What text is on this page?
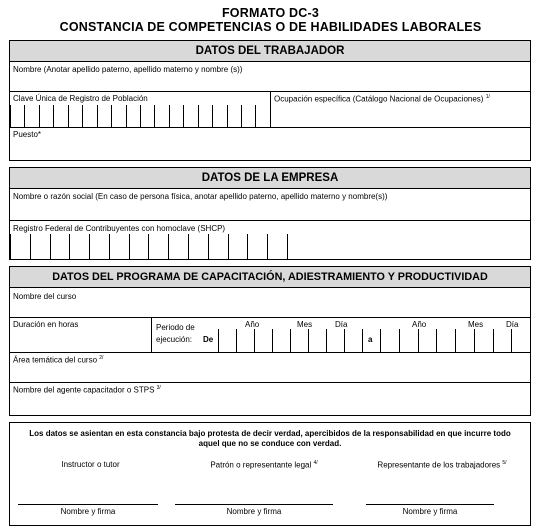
FORMATO DC-3
CONSTANCIA DE COMPETENCIAS O DE HABILIDADES LABORALES
DATOS DEL TRABAJADOR
Nombre (Anotar apellido paterno, apellido materno y nombre (s))
Clave Única de Registro de Población	Ocupación específica (Catálogo Nacional de Ocupaciones) $^{1/}$
Puesto*
DATOS DE LA EMPRESA
Nombre o razón social (En caso de persona física, anotar apellido paterno, apellido materno y nombre(s))
Registro Federal de Contribuyentes con homoclave (SHCP)
DATOS DEL PROGRAMA DE CAPACITACIÓN, ADIESTRAMIENTO Y PRODUCTIVIDAD
Nombre del curso
Duración en horas	Periodo de
ejecución: De
Año	Mes	Día
a
Año	Mes	Día
Área temática del curso $^{2/}$
Nombre del agente capacitador o STPS $^{3/}$
Los datos se asientan en esta constancia bajo protesta de decir verdad, apercibidos de la responsabilidad en que incurre todo
aquel que no se conduce con verdad.
Instructor o tutor	Patrón o representante legal $^{4/}$	Representante de los trabajadores $^{5/}$
Nombre y firma	Nombre y firma	Nombre y firma
